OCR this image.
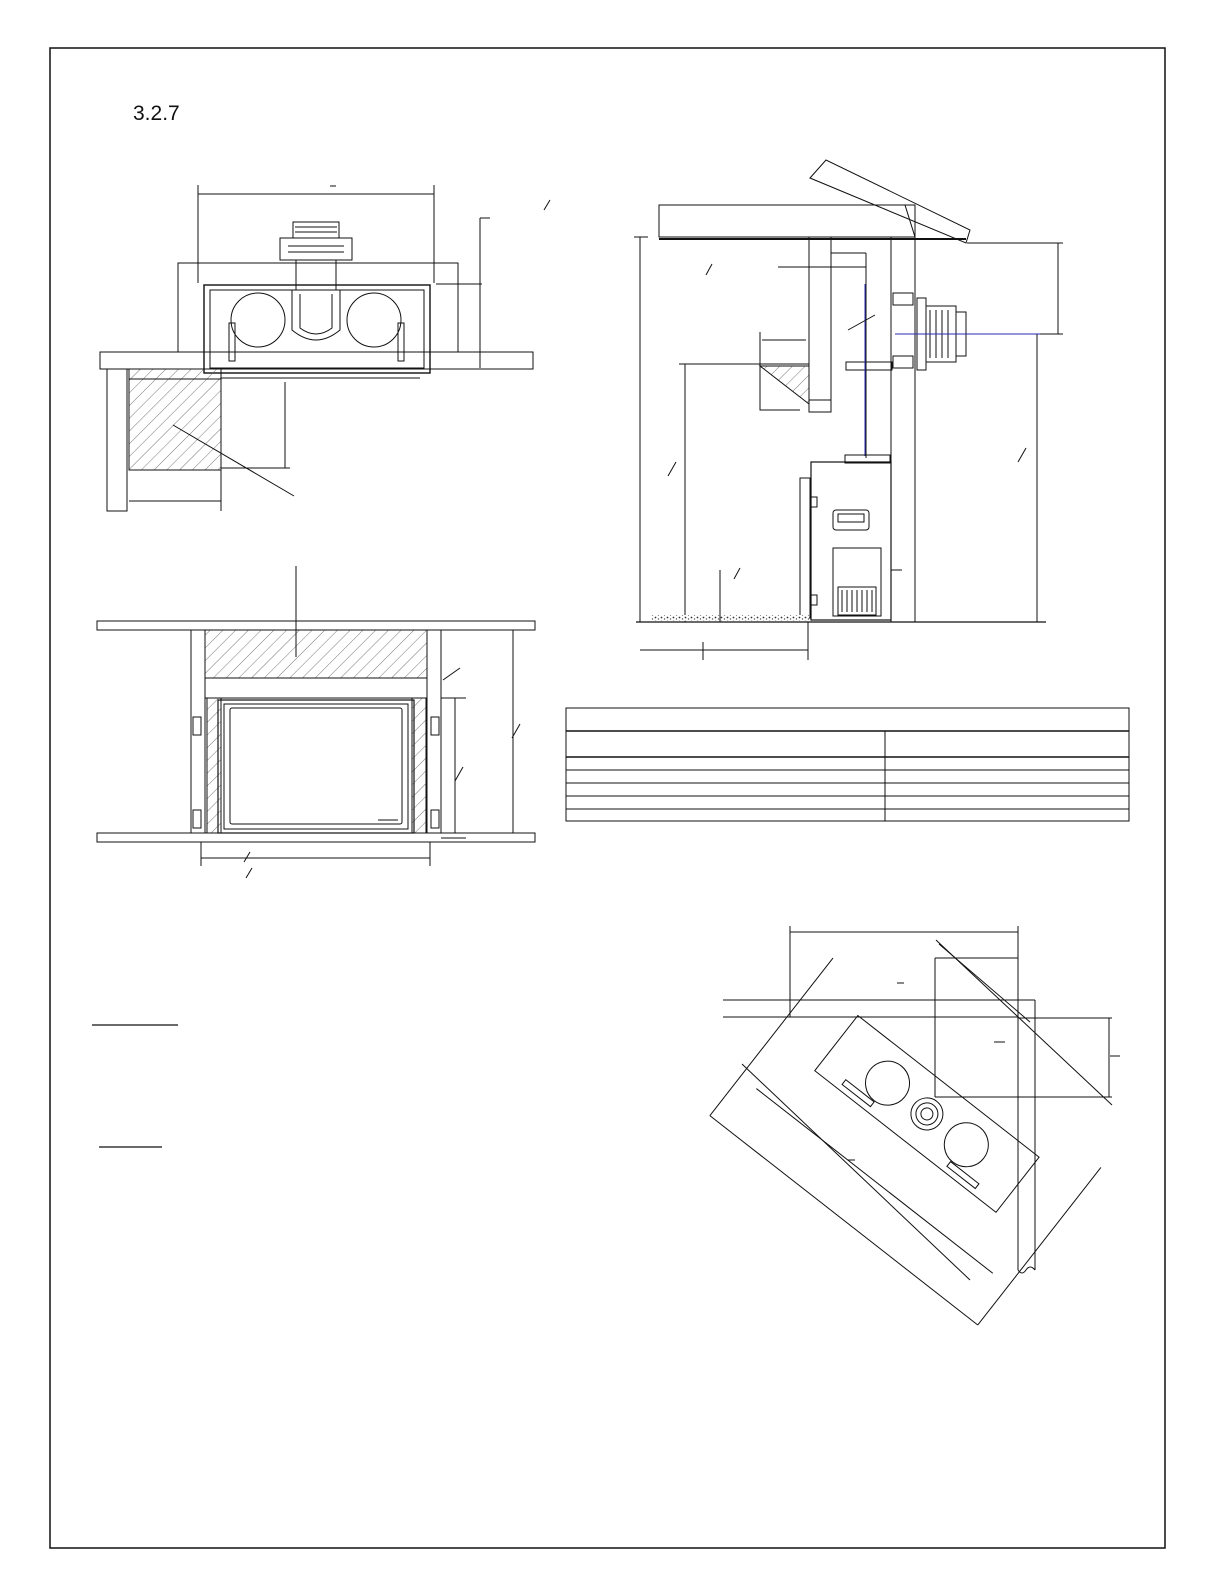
3.2.7
